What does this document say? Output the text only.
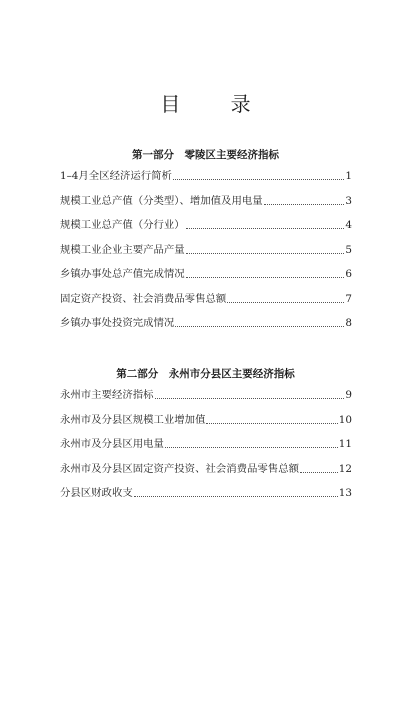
目 录
第一部分　零陵区主要经济指标
1–4月全区经济运行简析	1
规模工业总产值（分类型）、增加值及用电量	3
规模工业总产值（分行业）	4
规模工业企业主要产品产量	5
乡镇办事处总产值完成情况	6
固定资产投资、社会消费品零售总额	7
乡镇办事处投资完成情况	8
第二部分　永州市分县区主要经济指标
永州市主要经济指标	9
永州市及分县区规模工业增加值	10
永州市及分县区用电量	11
永州市及分县区固定资产投资、社会消费品零售总额	12
分县区财政收支	13
